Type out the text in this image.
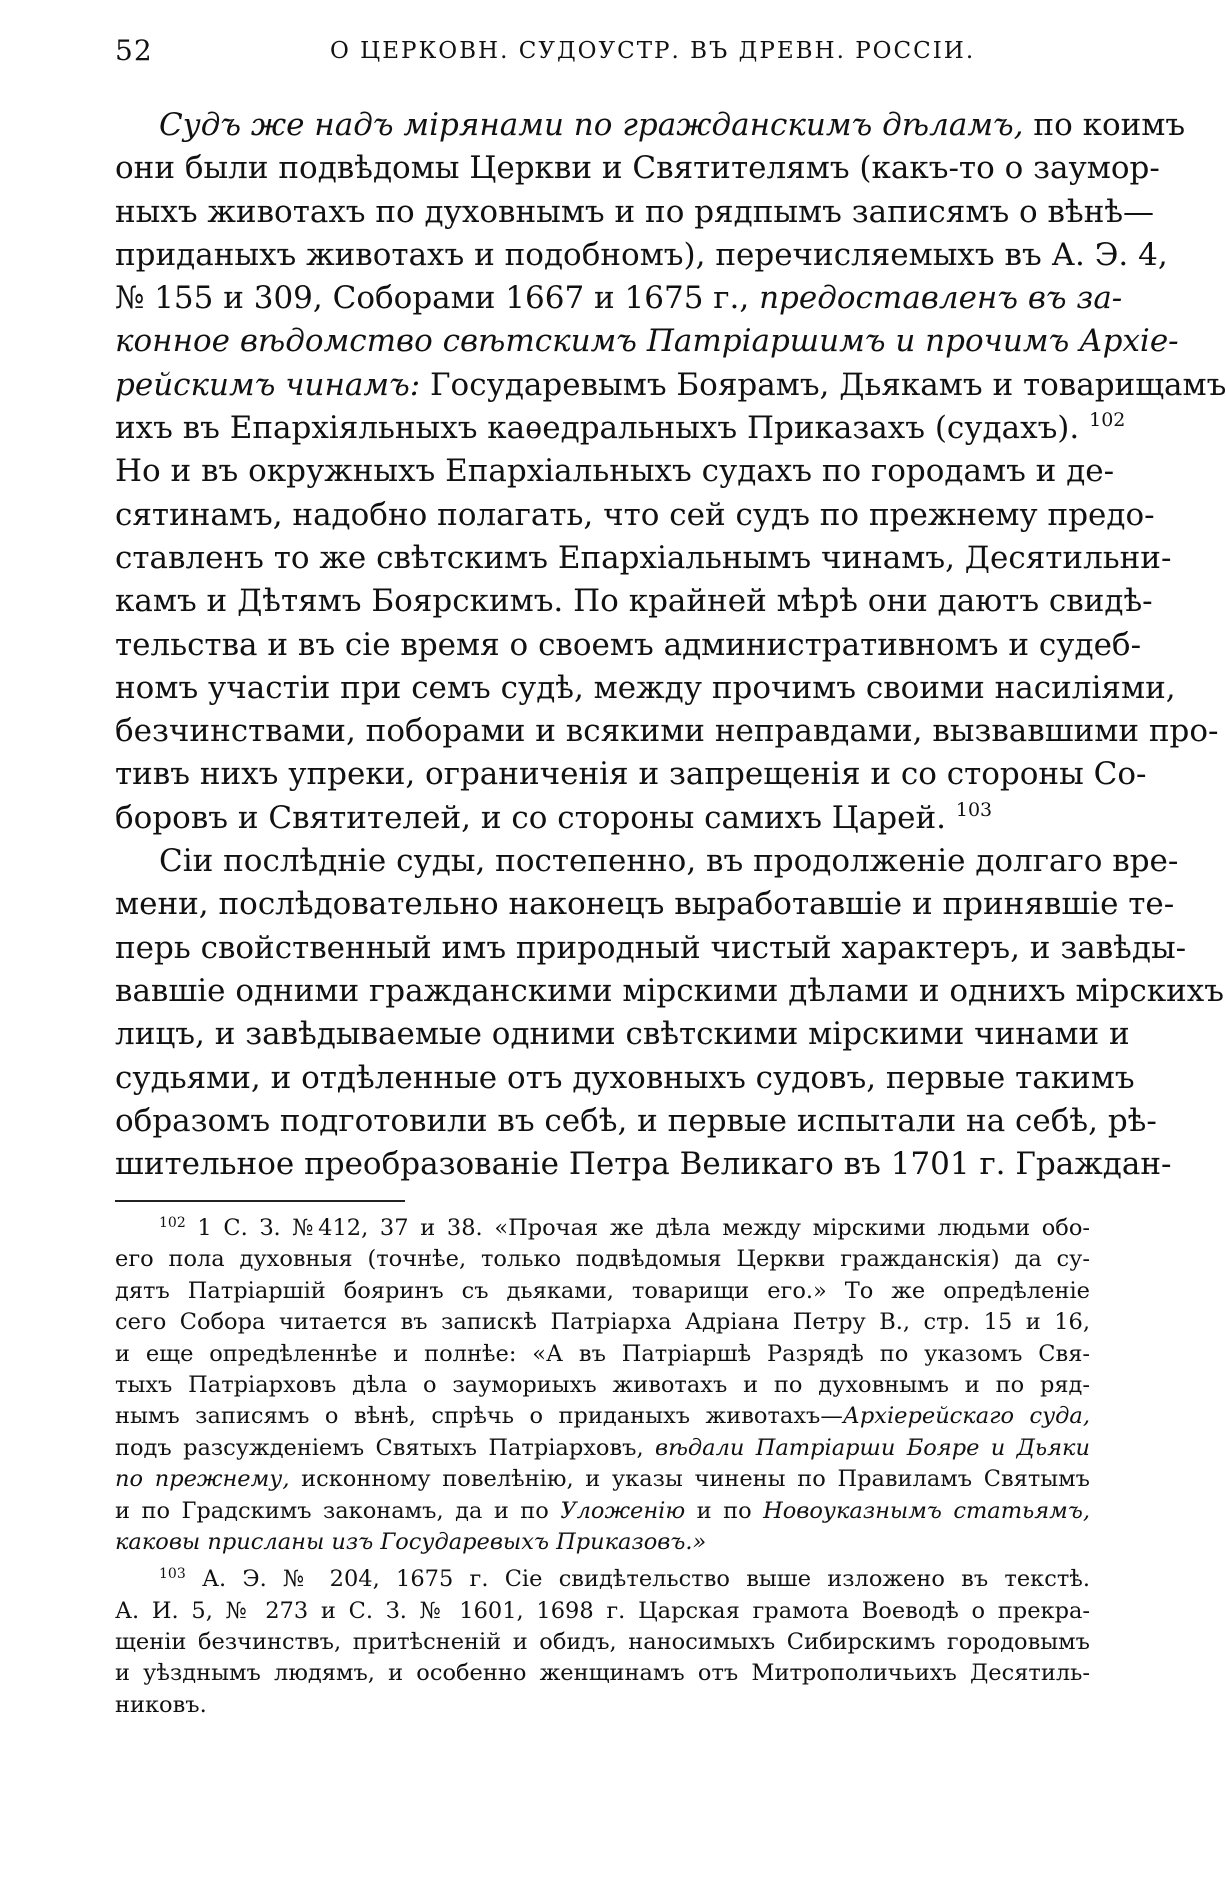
52	О ЦЕРКОВН. СУДОУСТР. ВЪ ДРЕВН. РОССІИ.
Судъ же надъ мірянами по гражданскимъ дѣламъ, по коимъ
они были подвѣдомы Церкви и Святителямъ (какъ-то о заумор-
ныхъ животахъ по духовнымъ и по рядпымъ записямъ о вѣнѣ—
приданыхъ животахъ и подобномъ), перечисляемыхъ въ А. Э. 4,
№ 155 и 309, Соборами 1667 и 1675 г., предоставленъ въ за-
конное вѣдомство свѣтскимъ Патріаршимъ и прочимъ Архіе-
рейскимъ чинамъ: Государевымъ Боярамъ, Дьякамъ и товарищамъ
ихъ въ Епархіяльныхъ каѳедральныхъ Приказахъ (судахъ). $^{102}$
Но и въ окружныхъ Епархіальныхъ судахъ по городамъ и де-
сятинамъ, надобно полагать, что сей судъ по прежнему предо-
ставленъ то же свѣтскимъ Епархіальнымъ чинамъ, Десятильни-
камъ и Дѣтямъ Боярскимъ. По крайней мѣрѣ они даютъ свидѣ-
тельства и въ сіе время о своемъ административномъ и судеб-
номъ участіи при семъ судѣ, между прочимъ своими насиліями,
безчинствами, поборами и всякими неправдами, вызвавшими про-
тивъ нихъ упреки, ограниченія и запрещенія и со стороны Со-
боровъ и Святителей, и со стороны самихъ Царей. $^{103}$
Сіи послѣдніе суды, постепенно, въ продолженіе долгаго вре-
мени, послѣдовательно наконецъ выработавшіе и принявшіе те-
перь свойственный имъ природный чистый характеръ, и завѣды-
вавшіе одними гражданскими мірскими дѣлами и однихъ мірскихъ
лицъ, и завѣдываемые одними свѣтскими мірскими чинами и
судьями, и отдѣленные отъ духовныхъ судовъ, первые такимъ
образомъ подготовили въ себѣ, и первые испытали на себѣ, рѣ-
шительное преобразованіе Петра Великаго въ 1701 г. Граждан-
$^{102}$ 1 С. З. №412, 37 и 38. «Прочая же дѣла между мірскими людьми обо-
его пола духовныя (точнѣе, только подвѣдомыя Церкви гражданскія) да су-
дятъ Патріаршій бояринъ съ дьяками, товарищи его.» То же опредѣленіе
сего Собора читается въ запискѣ Патріарха Адріана Петру В., стр. 15 и 16,
и еще опредѣленнѣе и полнѣе: «А въ Патріаршѣ Разрядѣ по указомъ Свя-
тыхъ Патріарховъ дѣла о заумориыхъ животахъ и по духовнымъ и по ряд-
нымъ записямъ о вѣнѣ, спрѣчь о приданыхъ животахъ—Архіерейскаго суда,
подъ разсужденіемъ Святыхъ Патріарховъ, вѣдали Патріарши Бояре и Дьяки
по прежнему, исконному повелѣнію, и указы чинены по Правиламъ Святымъ
и по Градскимъ законамъ, да и по Уложенію и по Новоуказнымъ статьямъ,
каковы присланы изъ Государевыхъ Приказовъ.»
$^{103}$ А. Э. № 204, 1675 г. Сіе свидѣтельство выше изложено въ текстѣ.
А. И. 5, № 273 и С. З. № 1601, 1698 г. Царская грамота Воеводѣ о прекра-
щеніи безчинствъ, притѣсненій и обидъ, наносимыхъ Сибирскимъ городовымъ
и уѣзднымъ людямъ, и особенно женщинамъ отъ Митрополичьихъ Десятиль-
никовъ.
